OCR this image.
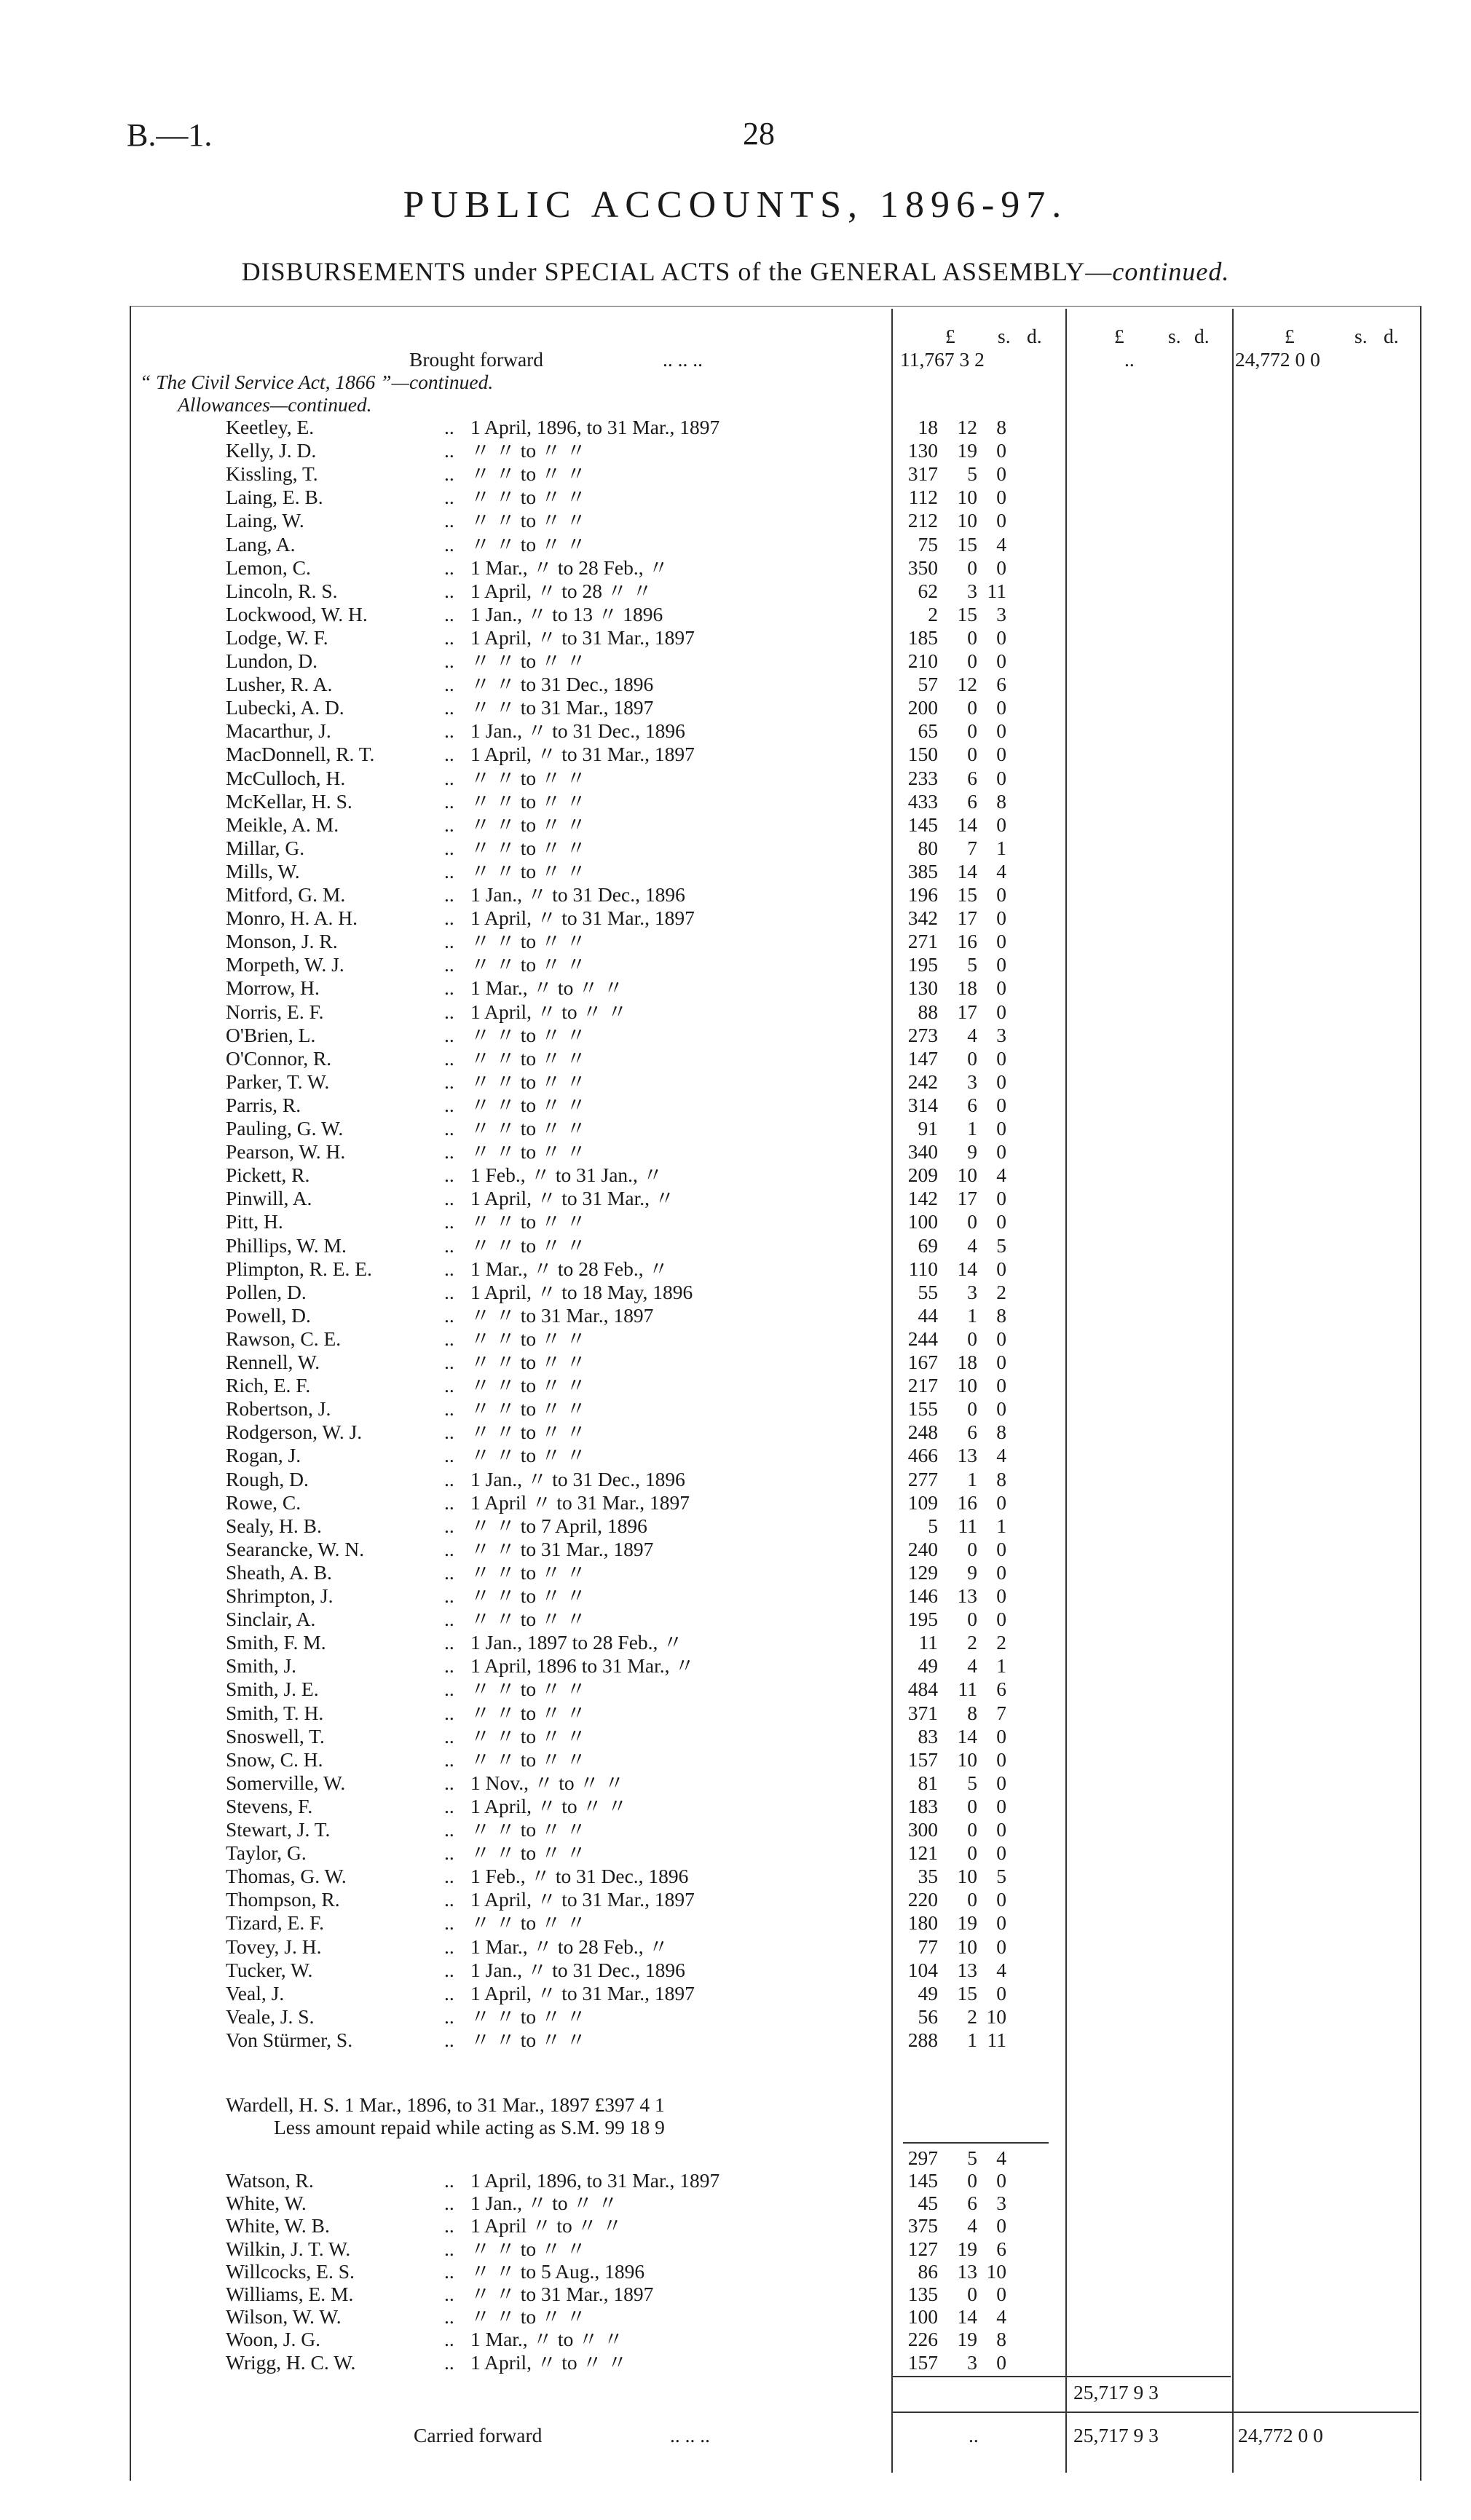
B.—1.	28
PUBLIC ACCOUNTS, 1896-97.
DISBURSEMENTS under SPECIAL ACTS of the GENERAL ASSEMBLY—continued.
£ s. d.	£ s. d.	£	s. d.
Brought forward	.. .. ..	11,767 3 2	..	24,772 0 0
“ The Civil Service Act, 1866 ”—continued.
Allowances—continued.
Keetley, E.	.. 1 April, 1896, to 31 Mar., 1897	18 12 8
Kelly, J. D.	.. 〃 〃 to 〃 〃	130 19 0
Kissling, T.	.. 〃 〃 to 〃 〃	317	5 0
Laing, E. B.	.. 〃 〃 to 〃 〃	112 10 0
Laing, W.	.. 〃 〃 to 〃 〃	212 10 0
Lang, A.	.. 〃 〃 to 〃 〃	75 15 4
Lemon, C.	.. 1 Mar., 〃 to 28 Feb., 〃	350	0 0
Lincoln, R. S.	.. 1 April, 〃 to 28 〃 〃	62	3 11
Lockwood, W. H.	.. 1 Jan., 〃 to 13 〃 1896	2 15 3
Lodge, W. F.	.. 1 April, 〃 to 31 Mar., 1897	185	0 0
Lundon, D.	.. 〃 〃 to 〃 〃	210	0 0
Lusher, R. A.	.. 〃 〃 to 31 Dec., 1896	57 12 6
Lubecki, A. D.	.. 〃 〃 to 31 Mar., 1897	200	0 0
Macarthur, J.	.. 1 Jan., 〃 to 31 Dec., 1896	65	0 0
MacDonnell, R. T.	.. 1 April, 〃 to 31 Mar., 1897	150	0 0
McCulloch, H.	.. 〃 〃 to 〃 〃	233	6 0
McKellar, H. S.	.. 〃 〃 to 〃 〃	433	6 8
Meikle, A. M.	.. 〃 〃 to 〃 〃	145 14 0
Millar, G.	.. 〃 〃 to 〃 〃	80	7 1
Mills, W.	.. 〃 〃 to 〃 〃	385 14 4
Mitford, G. M.	.. 1 Jan., 〃 to 31 Dec., 1896	196 15 0
Monro, H. A. H.	.. 1 April, 〃 to 31 Mar., 1897	342 17 0
Monson, J. R.	.. 〃 〃 to 〃 〃	271 16 0
Morpeth, W. J.	.. 〃 〃 to 〃 〃	195	5 0
Morrow, H.	.. 1 Mar., 〃 to 〃 〃	130 18 0
Norris, E. F.	.. 1 April, 〃 to 〃 〃	88 17 0
O'Brien, L.	.. 〃 〃 to 〃 〃	273	4 3
O'Connor, R.	.. 〃 〃 to 〃 〃	147	0 0
Parker, T. W.	.. 〃 〃 to 〃 〃	242	3 0
Parris, R.	.. 〃 〃 to 〃 〃	314	6 0
Pauling, G. W.	.. 〃 〃 to 〃 〃	91	1 0
Pearson, W. H.	.. 〃 〃 to 〃 〃	340	9 0
Pickett, R.	.. 1 Feb., 〃 to 31 Jan., 〃	209 10 4
Pinwill, A.	.. 1 April, 〃 to 31 Mar., 〃	142 17 0
Pitt, H.	.. 〃 〃 to 〃 〃	100	0 0
Phillips, W. M.	.. 〃 〃 to 〃 〃	69	4 5
Plimpton, R. E. E.	.. 1 Mar., 〃 to 28 Feb., 〃	110 14 0
Pollen, D.	.. 1 April, 〃 to 18 May, 1896	55	3 2
Powell, D.	.. 〃 〃 to 31 Mar., 1897	44	1 8
Rawson, C. E.	.. 〃 〃 to 〃 〃	244	0 0
Rennell, W.	.. 〃 〃 to 〃 〃	167 18 0
Rich, E. F.	.. 〃 〃 to 〃 〃	217 10 0
Robertson, J.	.. 〃 〃 to 〃 〃	155	0 0
Rodgerson, W. J.	.. 〃 〃 to 〃 〃	248	6 8
Rogan, J.	.. 〃 〃 to 〃 〃	466 13 4
Rough, D.	.. 1 Jan., 〃 to 31 Dec., 1896	277	1 8
Rowe, C.	.. 1 April 〃 to 31 Mar., 1897	109 16 0
Sealy, H. B.	.. 〃 〃 to 7 April, 1896	5	11 1
Searancke, W. N.	.. 〃 〃 to 31 Mar., 1897	240	0 0
Sheath, A. B.	.. 〃 〃 to 〃 〃	129	9 0
Shrimpton, J.	.. 〃 〃 to 〃 〃	146 13 0
Sinclair, A.	.. 〃 〃 to 〃 〃	195	0 0
Smith, F. M.	.. 1 Jan., 1897 to 28 Feb., 〃	11	2 2
Smith, J.	.. 1 April, 1896 to 31 Mar., 〃	49	4 1
Smith, J. E.	.. 〃 〃 to 〃 〃	484	11 6
Smith, T. H.	.. 〃 〃 to 〃 〃	371	8 7
Snoswell, T.	.. 〃 〃 to 〃 〃	83 14 0
Snow, C. H.	.. 〃 〃 to 〃 〃	157 10 0
Somerville, W.	.. 1 Nov., 〃 to 〃 〃	81	5 0
Stevens, F.	.. 1 April, 〃 to 〃 〃	183	0 0
Stewart, J. T.	.. 〃 〃 to 〃 〃	300	0 0
Taylor, G.	.. 〃 〃 to 〃 〃	121	0 0
Thomas, G. W.	.. 1 Feb., 〃 to 31 Dec., 1896	35 10 5
Thompson, R.	.. 1 April, 〃 to 31 Mar., 1897	220	0 0
Tizard, E. F.	.. 〃 〃 to 〃 〃	180 19 0
Tovey, J. H.	.. 1 Mar., 〃 to 28 Feb., 〃	77 10 0
Tucker, W.	.. 1 Jan., 〃 to 31 Dec., 1896	104 13 4
Veal, J.	.. 1 April, 〃 to 31 Mar., 1897	49 15 0
Veale, J. S.	.. 〃 〃 to 〃 〃	56	2 10
Von Stürmer, S.	.. 〃 〃 to 〃 〃	288	1 11
Wardell, H. S. 1 Mar., 1896, to 31 Mar., 1897 £397 4 1
Less amount repaid while acting as S.M. 99 18 9
297	5 4
Watson, R.	.. 1 April, 1896, to 31 Mar., 1897	145	0 0
White, W.	.. 1 Jan., 〃 to 〃 〃	45	6 3
White, W. B.	.. 1 April 〃 to 〃 〃	375	4 0
Wilkin, J. T. W.	.. 〃 〃 to 〃 〃	127 19 6
Willcocks, E. S.	.. 〃 〃 to 5 Aug., 1896	86 13 10
Williams, E. M.	.. 〃 〃 to 31 Mar., 1897	135	0 0
Wilson, W. W.	.. 〃 〃 to 〃 〃	100 14 4
Woon, J. G.	.. 1 Mar., 〃 to 〃 〃	226 19 8
Wrigg, H. C. W.	.. 1 April, 〃 to 〃 〃	157	3 0
25,717 9 3
Carried forward	.. .. ..	..	25,717 9 3	24,772 0 0
